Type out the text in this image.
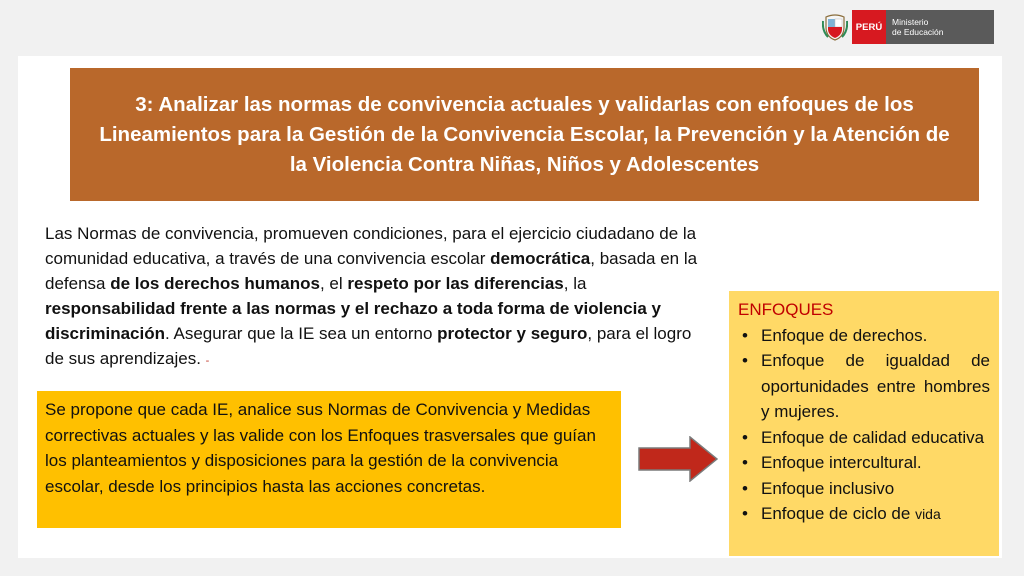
PERÚ	Ministerio
de Educación
3: Analizar las normas de convivencia actuales y validarlas con enfoques de los Lineamientos para la Gestión de la Convivencia Escolar, la Prevención y la Atención de la Violencia Contra Niñas, Niños y Adolescentes
Las Normas de convivencia, promueven condiciones, para el ejercicio ciudadano de la comunidad educativa, a través de una convivencia escolar democrática, basada en la defensa de los derechos humanos, el respeto por las diferencias, la responsabilidad frente a las normas y el rechazo a toda forma de violencia y discriminación. Asegurar que la IE sea un entorno protector y seguro, para el logro de sus aprendizajes. -
Se propone que cada IE, analice sus Normas de Convivencia y Medidas correctivas actuales y las valide con los Enfoques trasversales que guían los planteamientos y disposiciones para la gestión de la convivencia escolar, desde los principios hasta las acciones concretas.
ENFOQUES
• Enfoque de derechos.
• Enfoque de igualdad de oportunidades entre hombres y mujeres.
• Enfoque de calidad educativa
• Enfoque intercultural.
• Enfoque inclusivo
• Enfoque de ciclo de vida
